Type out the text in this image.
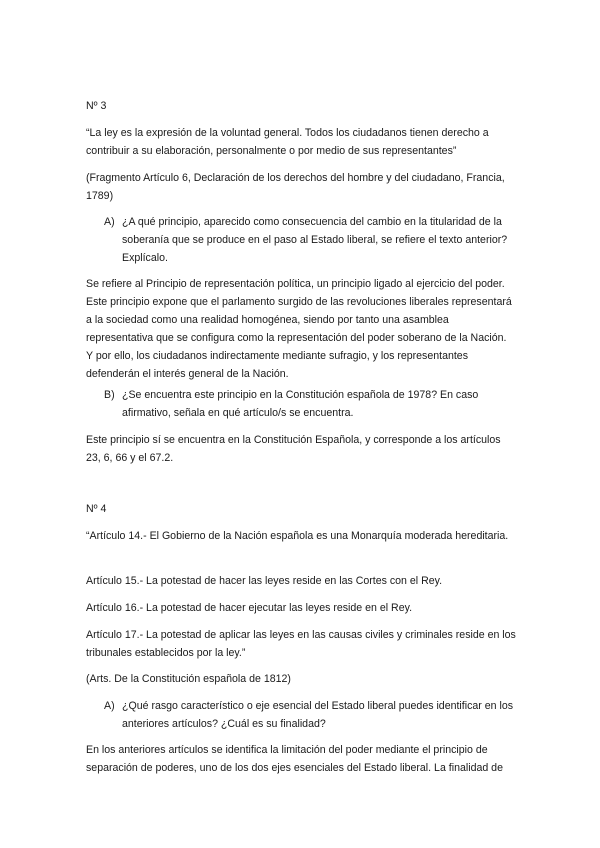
Nº 3

“La ley es la expresión de la voluntad general. Todos los ciudadanos tienen derecho a contribuir a su elaboración, personalmente o por medio de sus representantes”

(Fragmento Artículo 6, Declaración de los derechos del hombre y del ciudadano, Francia, 1789)

A) ¿A qué principio, aparecido como consecuencia del cambio en la titularidad de la soberanía que se produce en el paso al Estado liberal, se refiere el texto anterior? Explícalo.

Se refiere al Principio de representación política, un principio ligado al ejercicio del poder. Este principio expone que el parlamento surgido de las revoluciones liberales representará a la sociedad como una realidad homogénea, siendo por tanto una asamblea representativa que se configura como la representación del poder soberano de la Nación. Y por ello, los ciudadanos indirectamente mediante sufragio, y los representantes defenderán el interés general de la Nación.

B) ¿Se encuentra este principio en la Constitución española de 1978? En caso afirmativo, señala en qué artículo/s se encuentra.

Este principio sí se encuentra en la Constitución Española, y corresponde a los artículos 23, 6, 66 y el 67.2.

Nº 4

“Artículo 14.- El Gobierno de la Nación española es una Monarquía moderada hereditaria.

Artículo 15.- La potestad de hacer las leyes reside en las Cortes con el Rey.

Artículo 16.- La potestad de hacer ejecutar las leyes reside en el Rey.

Artículo 17.- La potestad de aplicar las leyes en las causas civiles y criminales reside en los tribunales establecidos por la ley.”

(Arts. De la Constitución española de 1812)

A) ¿Qué rasgo característico o eje esencial del Estado liberal puedes identificar en los anteriores artículos? ¿Cuál es su finalidad?

En los anteriores artículos se identifica la limitación del poder mediante el principio de separación de poderes, uno de los dos ejes esenciales del Estado liberal. La finalidad de
